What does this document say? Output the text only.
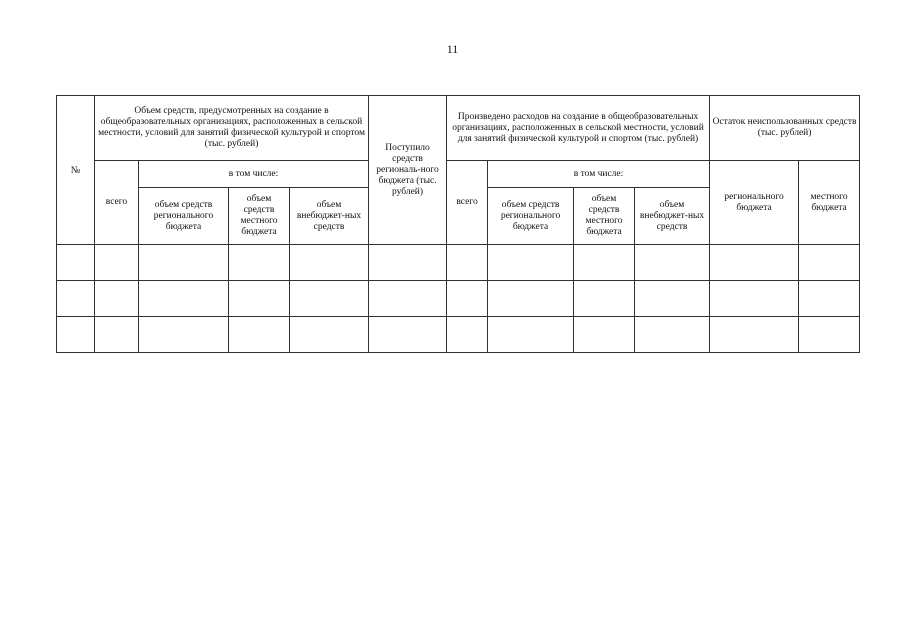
11
№	Объем средств, предусмотренных на создание в общеобразовательных организациях, расположенных в сельской местности, условий для занятий физической культурой и спортом (тыс. рублей)				Поступило средств региональ-ного бюджета (тыс. рублей)	Произведено расходов на создание в общеобразовательных организациях, расположенных в сельской местности, условий для занятий физической культурой и спортом (тыс. рублей)				Остаток неиспользованных средств (тыс. рублей)	
	всего	в том числе:				всего	в том числе:			регионального бюджета	местного бюджета
		объем средств регионального бюджета	объем средств местного бюджета	объем внебюджет-ных средств			объем средств регионального бюджета	объем средств местного бюджета	объем внебюджет-ных средств		
